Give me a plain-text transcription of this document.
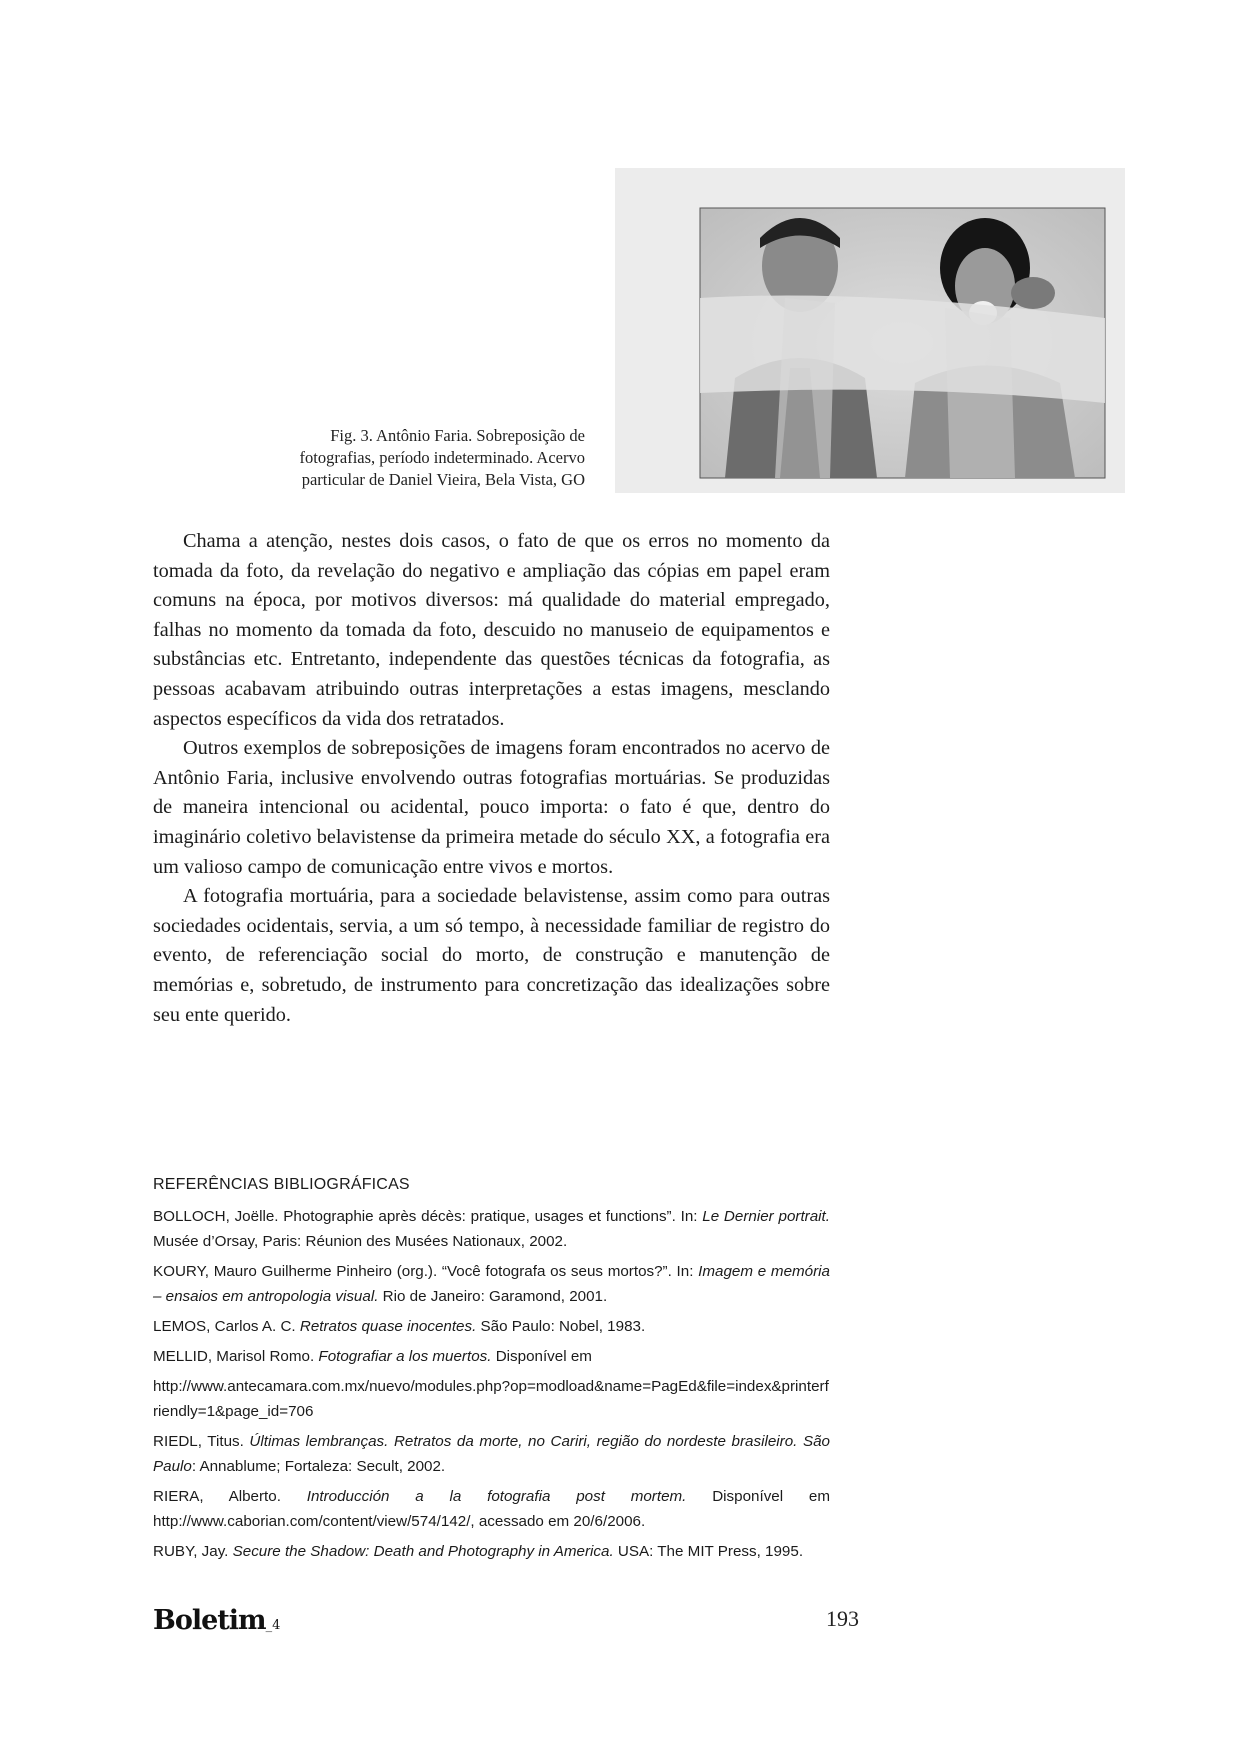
Fig. 3. Antônio Faria. Sobreposição de

fotografias, período indeterminado. Acervo

particular de Daniel Vieira, Bela Vista, GO

Chama a atenção, nestes dois casos, o fato de que os erros no momento da tomada da foto, da revelação do negativo e ampliação das cópias em papel eram comuns na época, por motivos diversos: má qualidade do material empregado, falhas no momento da tomada da foto, descuido no manuseio de equipamentos e substâncias etc. Entretanto, independente das questões técnicas da fotografia, as pessoas acabavam atribuindo outras interpretações a estas imagens, mesclando aspectos específicos da vida dos retratados.

Outros exemplos de sobreposições de imagens foram encontrados no acervo de Antônio Faria, inclusive envolvendo outras fotografias mortuárias. Se produzidas de maneira intencional ou acidental, pouco importa: o fato é que, dentro do imaginário coletivo belavistense da primeira metade do século XX, a fotografia era um valioso campo de comunicação entre vivos e mortos.

A fotografia mortuária, para a sociedade belavistense, assim como para outras sociedades ocidentais, servia, a um só tempo, à necessidade familiar de registro do evento, de referenciação social do morto, de construção e manutenção de memórias e, sobretudo, de instrumento para concretização das idealizações sobre seu ente querido.

REFERÊNCIAS BIBLIOGRÁFICAS

BOLLOCH, Joëlle. Photographie après décès: pratique, usages et functions”. In: Le Dernier portrait. Musée d’Orsay, Paris: Réunion des Musées Nationaux, 2002.

KOURY, Mauro Guilherme Pinheiro (org.). “Você fotografa os seus mortos?”. In: Imagem e memória – ensaios em antropologia visual. Rio de Janeiro: Garamond, 2001.

LEMOS, Carlos A. C. Retratos quase inocentes. São Paulo: Nobel, 1983.

MELLID, Marisol Romo. Fotografiar a los muertos. Disponível em

http://www.antecamara.com.mx/nuevo/modules.php?op=modload&name=PagEd&file=index&printerfriendly=1&page_id=706

RIEDL, Titus. Últimas lembranças. Retratos da morte, no Cariri, região do nordeste brasileiro. São Paulo: Annablume; Fortaleza: Secult, 2002.

RIERA, Alberto. Introducción a la fotografia post mortem. Disponível em http://www.caborian.com/content/view/574/142/, acessado em 20/6/2006.

RUBY, Jay. Secure the Shadow: Death and Photography in America. USA: The MIT Press, 1995.

Boletim_4	193
